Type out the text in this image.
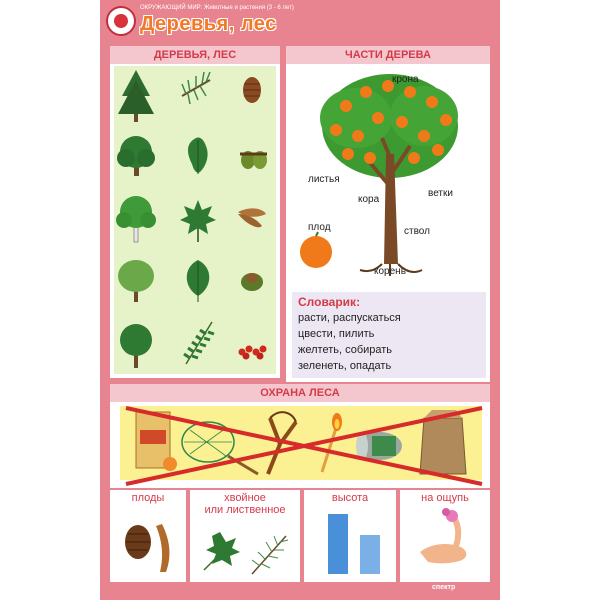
ОКРУЖАЮЩИЙ МИР: Животные и растения (3 - 6 лет)
Деревья, лес
ДЕРЕВЬЯ, ЛЕС	ЧАСТИ ДЕРЕВА
крона
листья
кора
ветки
плод	ствол
корень
Словарик:
расти, распускаться
цвести, пилить
желтеть, собирать
зеленеть, опадать
ОХРАНА ЛЕСА
плоды	хвойное
или лиственное
высота	на ощупь
спектр
